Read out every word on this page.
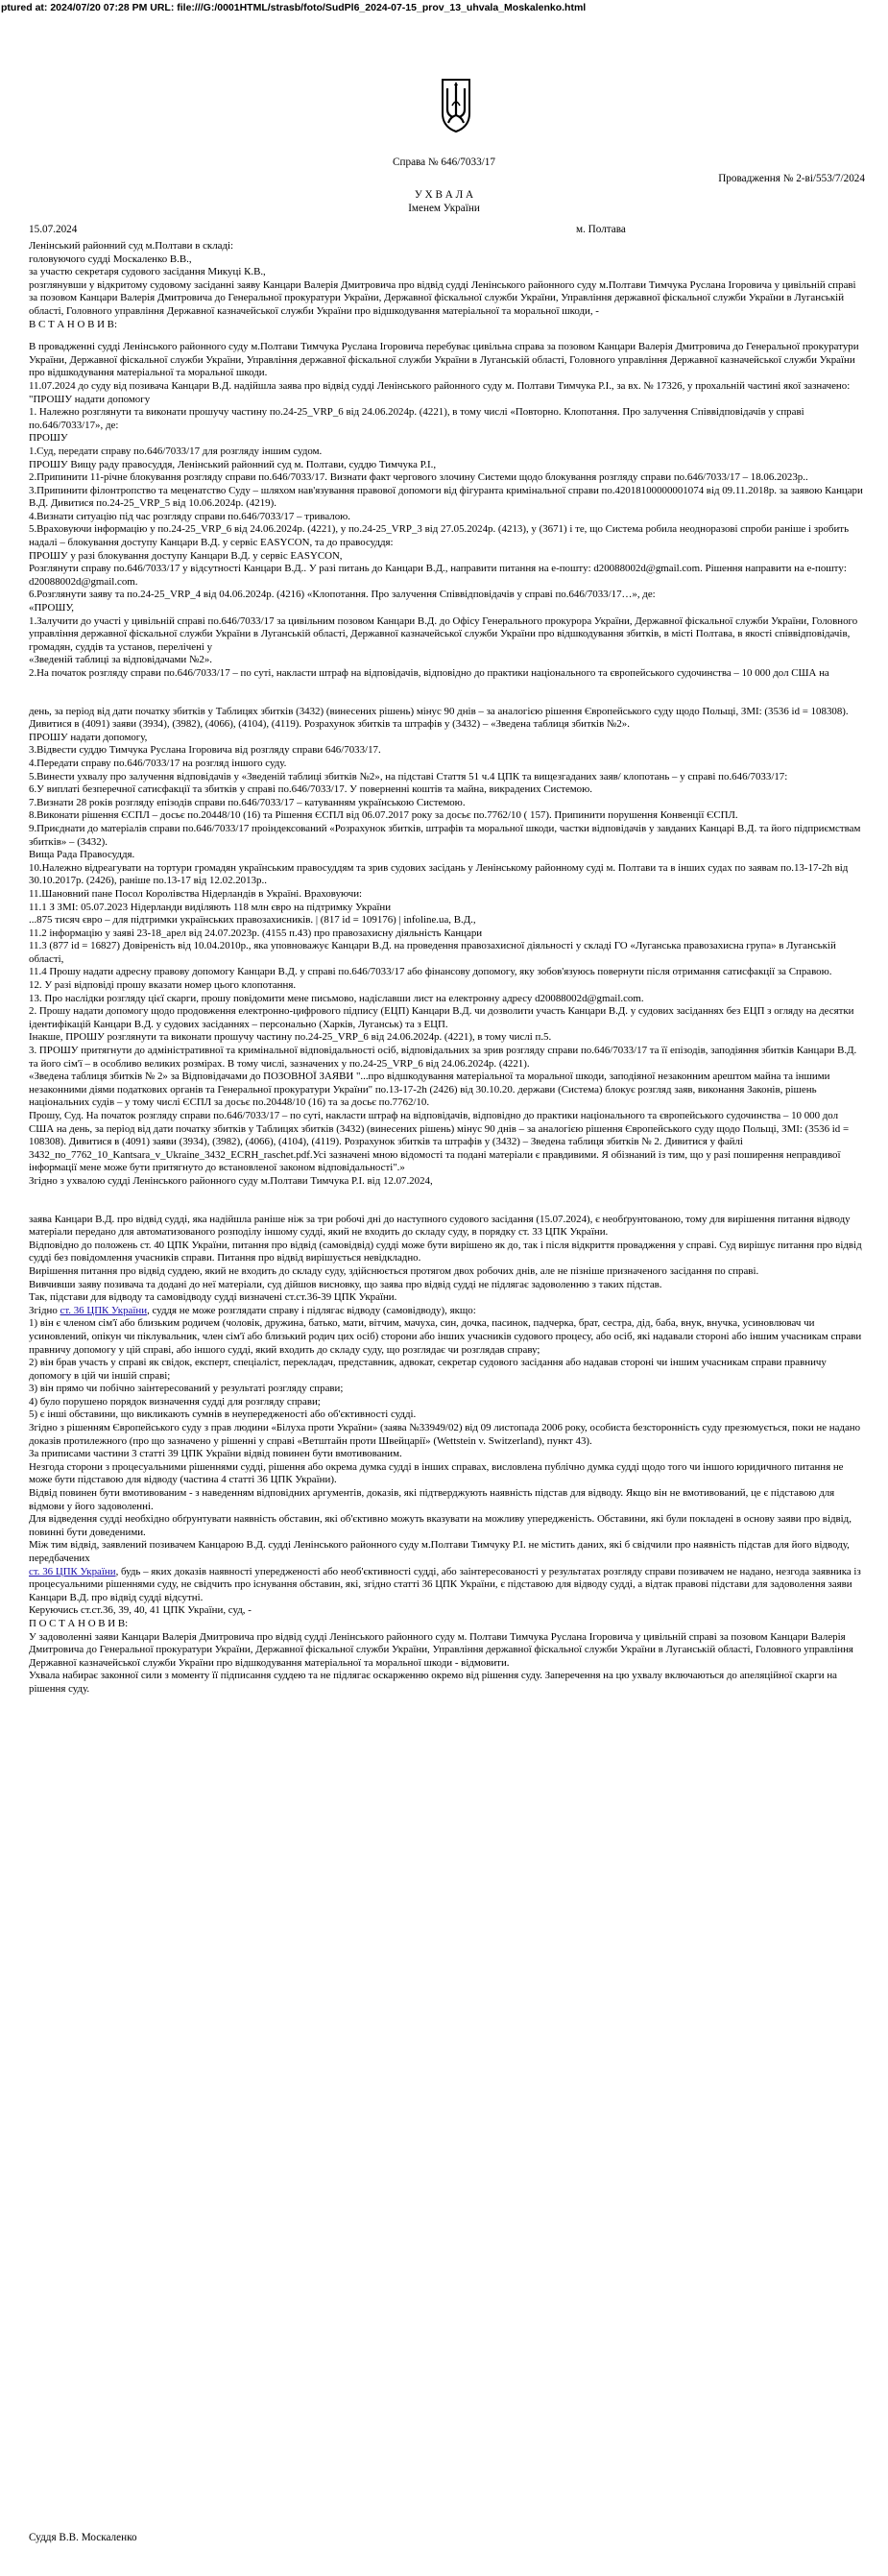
ptured at: 2024/07/20 07:28 PM URL: file:///G:/0001HTML/strasb/foto/SudPl6_2024-07-15_prov_13_uhvala_Moskalenko.html
Справа № 646/7033/17
Провадження № 2-ві/553/7/2024
У Х В А Л А
Іменем України
15.07.2024	м. Полтава

Ленінський районний суд м.Полтави в складі:

головуючого судді Москаленко В.В.,

за участю секретаря судового засідання Микуці К.В.,

розглянувши у відкритому судовому засіданні заяву Канцари Валерія Дмитровича про відвід судді Ленінського районного суду м.Полтави Тимчука Руслана Ігоровича у цивільній справі за позовом Канцари Валерія Дмитровича до Генеральної прокуратури України, Державної фіскальної служби України, Управління державної фіскальної служби України в Луганській області, Головного управління Державної казначейської служби України про відшкодування матеріальної та моральної шкоди, -

В С Т А Н О В И В:

В провадженні судді Ленінського районного суду м.Полтави Тимчука Руслана Ігоровича перебуває цивільна справа за позовом Канцари Валерія Дмитровича до Генеральної прокуратури України, Державної фіскальної служби України, Управління державної фіскальної служби України в Луганській області, Головного управління Державної казначейської служби України про відшкодування матеріальної та моральної шкоди.

11.07.2024 до суду від позивача Канцари В.Д. надійшла заява про відвід судді Ленінського районного суду м. Полтави Тимчука Р.І., за вх. № 17326, у прохальній частині якої зазначено:

"ПРОШУ надати допомогу

1. Належно розглянути та виконати прошучу частину по.24-25_VRP_6 від 24.06.2024р. (4221), в тому числі «Повторно. Клопотання. Про залучення Співвідповідачів у справі по.646/7033/17», де:

ПРОШУ

1.Суд, передати справу по.646/7033/17 для розгляду іншим судом.

ПРОШУ Вищу раду правосуддя, Ленінський районний суд м. Полтави, суддю Тимчука Р.І.,

2.Припинити 11-річне блокування розгляду справи по.646/7033/17. Визнати факт чергового злочину Системи щодо блокування розгляду справи по.646/7033/17 – 18.06.2023р..

3.Припинити філонтропство та меценатство Суду – шляхом нав'язування правової допомоги від фігуранта кримінальної справи по.42018100000001074 від 09.11.2018р. за заявою Канцари В.Д. Дивитися по.24-25_VRP_5 від 10.06.2024р. (4219).

4.Визнати ситуацію під час розгляду справи по.646/7033/17 – тривалою.

5.Враховуючи інформацію у по.24-25_VRP_6 від 24.06.2024р. (4221), у по.24-25_VRP_3 від 27.05.2024р. (4213), у (3671) і те, що Система робила неодноразові спроби раніше і зробить надалі – блокування доступу Канцари В.Д. у сервіс EASYCON, та до правосуддя:

ПРОШУ у разі блокування доступу Канцари В.Д. у сервіс EASYCON,

Розглянути справу по.646/7033/17 у відсутності Канцари В.Д.. У разі питань до Канцари В.Д., направити питання на е-поштy: d20088002d@gmail.com. Рішення направити на е-поштy: d20088002d@gmail.com.

6.Розглянути заяву та по.24-25_VRP_4 від 04.06.2024р. (4216) «Клопотання. Про залучення Співвідповідачів у справі по.646/7033/17…», де:

«ПРОШУ,

1.Залучити до участі у цивільній справі по.646/7033/17 за цивільним позовом Канцари В.Д. до Офісу Генерального прокурора України, Державної фіскальної служби України, Головного управління державної фіскальної служби України в Луганській області, Державної казначейської служби України про відшкодування збитків, в місті Полтава, в якості співвідповідачів, громадян, суддів та установ, перелічені у

«Зведеній таблиці за відповідачами №2».

2.На початок розгляду справи по.646/7033/17 – по суті, накласти штраф на відповідачів, відповідно до практики національного та європейського судочинства – 10 000 дол США на

день, за період від дати початку збитків у Таблицях збитків (3432) (винесених рішень) мінус 90 днів – за аналогією рішення Європейського суду щодо Польщі, ЗМІ: (3536 id = 108308). Дивитися в (4091) заяви (3934), (3982), (4066), (4104), (4119). Розрахунок збитків та штрафів у (3432) – «Зведена таблиця збитків №2».

ПРОШУ надати допомогу,

3.Відвести суддю Тимчука Руслана Ігоровича від розгляду справи 646/7033/17.

4.Передати справу по.646/7033/17 на розгляд іншого суду.

5.Винести ухвалу про залучення відповідачів у «Зведеній таблиці збитків №2», на підставі Стаття 51 ч.4 ЦПК та вищезгаданих заяв/ клопотань – у справі по.646/7033/17:

6.У виплаті безперечної сатисфакції та збитків у справі по.646/7033/17. У поверненні коштів та майна, викрадених Системою.

7.Визнати 28 років розгляду епізодів справи по.646/7033/17 – катуванням українською Системою.

8.Виконати рішення ЄСПЛ – досьє по.20448/10 (16) та Рішення ЄСПЛ від 06.07.2017 року за досьє по.7762/10 ( 157). Припинити порушення Конвенції ЄСПЛ.

9.Приєднати до матеріалів справи по.646/7033/17 проіндексований «Розрахунок збитків, штрафів та моральної шкоди, частки відповідачів у завданих Канцарі В.Д. та його підприємствам збитків» – (3432).

Вища Рада Правосуддя.

10.Належно відреагувати на тортури громадян українським правосуддям та зрив судових засідань у Ленінському районному суді м. Полтави та в інших судах по заявам по.13-17-2h від 30.10.2017р. (2426), раніше по.13-17 від 12.02.2013р..

11.Шановний пане Посол Королівства Нідерландів в Україні. Враховуючи:

11.1 З ЗМІ: 05.07.2023 Нідерланди виділяють 118 млн євро на підтримку України

...875 тисяч євро – для підтримки українських правозахисників. | (817 id = 109176) | infoline.ua, В.Д.,

11.2 інформацію у заяві 23-18_арел від 24.07.2023р. (4155 п.43) про правозахисну діяльність Канцари

11.3 (877 id = 16827) Довіреність від 10.04.2010р., яка уповноважує Канцари В.Д. на проведення правозахисної діяльності у складі ГО «Луганська правозахисна група» в Луганській області,

11.4 Прошу надати адресну правову допомогу Канцари В.Д. у справі по.646/7033/17 або фінансову допомогу, яку зобов'язуюсь повернути після отримання сатисфакції за Справою.

12. У разі відповіді прошу вказати номер цього клопотання.

13. Про наслідки розгляду цієї скарги, прошу повідомити мене письмово, надіславши лист на електронну адресу d20088002d@gmail.com.

2. Прошу надати допомогу щодо продовження електронно-цифрового підпису (ЕЦП) Канцари В.Д. чи дозволити участь Канцари В.Д. у судових засіданнях без ЕЦП з огляду на десятки ідентифікацій Канцари В.Д. у судових засіданнях – персонально (Харків, Луганськ) та з ЕЦП.

Інакше, ПРОШУ розглянути та виконати прошучу частину по.24-25_VRP_6 від 24.06.2024р. (4221), в тому числі п.5.

3. ПРОШУ притягнути до адміністративної та кримінальної відповідальності осіб, відповідальних за зрив розгляду справи по.646/7033/17 та її епізодів, заподіяння збитків Канцари В.Д. та його сім'ї – в особливо великих розмірах. В тому числі, зазначених у по.24-25_VRP_6 від 24.06.2024р. (4221).

«Зведена таблиця збитків № 2» за Відповідачами до ПОЗОВНОЇ ЗАЯВИ "...про відшкодування матеріальної та моральної шкоди, заподіяної незаконним арештом майна та іншими незаконними діями податкових органів та Генеральної прокуратури України" по.13-17-2h (2426) від 30.10.20. держави (Система) блокує розгляд заяв, виконання Законів, рішень національних судів – у тому числі ЄСПЛ за досьє по.20448/10 (16) та за досьє по.7762/10.

Прошу, Суд. На початок розгляду справи по.646/7033/17 – по суті, накласти штраф на відповідачів, відповідно до практики національного та європейського судочинства – 10 000 дол США на день, за період від дати початку збитків у Таблицях збитків (3432) (винесених рішень) мінус 90 днів – за аналогією рішення Європейського суду щодо Польщі, ЗМІ: (3536 id = 108308). Дивитися в (4091) заяви (3934), (3982), (4066), (4104), (4119). Розрахунок збитків та штрафів у (3432) – Зведена таблиця збитків № 2. Дивитися у файлі 3432_по_7762_10_Kantsara_v_Ukraine_3432_ECRH_raschet.pdf.Усі зазначені мною відомості та подані матеріали є правдивими. Я обізнаний із тим, що у разі поширення неправдивої інформації мене може бути притягнуто до встановленої законом відповідальності".»

Згідно з ухвалою судді Ленінського районного суду м.Полтави Тимчука Р.І. від 12.07.2024,

заява Канцари В.Д. про відвід судді, яка надійшла раніше ніж за три робочі дні до наступного судового засідання (15.07.2024), є необґрунтованою, тому для вирішення питання відводу матеріали передано для автоматизованого розподілу іншому судді, який не входить до складу суду, в порядку ст. 33 ЦПК України.

Відповідно до положень ст. 40 ЦПК України, питання про відвід (самовідвід) судді може бути вирішено як до, так і після відкриття провадження у справі. Суд вирішує питання про відвід судді без повідомлення учасників справи. Питання про відвід вирішується невідкладно.

Вирішення питання про відвід суддею, який не входить до складу суду, здійснюється протягом двох робочих днів, але не пізніше призначеного засідання по справі.

Вивчивши заяву позивача та додані до неї матеріали, суд дійшов висновку, що заява про відвід судді не підлягає задоволенню з таких підстав.

Так, підстави для відводу та самовідводу судді визначені ст.ст.36-39 ЦПК України.

Згідно ст. 36 ЦПК України, суддя не може розглядати справу і підлягає відводу (самовідводу), якщо:

1) він є членом сім'ї або близьким родичем (чоловік, дружина, батько, мати, вітчим, мачуха, син, дочка, пасинок, падчерка, брат, сестра, дід, баба, внук, внучка, усиновлювач чи усиновлений, опікун чи піклувальник, член сім'ї або близький родич цих осіб) сторони або інших учасників судового процесу, або осіб, які надавали стороні або іншим учасникам справи правничу допомогу у цій справі, або іншого судді, який входить до складу суду, що розглядає чи розглядав справу;

2) він брав участь у справі як свідок, експерт, спеціаліст, перекладач, представник, адвокат, секретар судового засідання або надавав стороні чи іншим учасникам справи правничу допомогу в цій чи іншій справі;

3) він прямо чи побічно заінтересований у результаті розгляду справи;

4) було порушено порядок визначення судді для розгляду справи;

5) є інші обставини, що викликають сумнів в неупередженості або об'єктивності судді.

Згідно з рішенням Європейського суду з прав людини «Білуха проти України» (заява №33949/02) від 09 листопада 2006 року, особиста безсторонність суду презюмується, поки не надано доказів протилежного (про що зазначено у рішенні у справі «Ветштайн проти Швейцарії» (Wettstein v. Switzerland), пункт 43).

За приписами частини 3 статті 39 ЦПК України відвід повинен бути вмотивованим.

Незгода сторони з процесуальними рішеннями судді, рішення або окрема думка судді в інших справах, висловлена публічно думка судді щодо того чи іншого юридичного питання не може бути підставою для відводу (частина 4 статті 36 ЦПК України).

Відвід повинен бути вмотивованим - з наведенням відповідних аргументів, доказів, які підтверджують наявність підстав для відводу. Якщо він не вмотивований, це є підставою для відмови у його задоволенні.

Для відведення судді необхідно обґрунтувати наявність обставин, які об'єктивно можуть вказувати на можливу упередженість. Обставини, які були покладені в основу заяви про відвід, повинні бути доведеними.

Між тим відвід, заявлений позивачем Канцарою В.Д. судді Ленінського районного суду м.Полтави Тимчуку Р.І. не містить даних, які б свідчили про наявність підстав для його відводу, передбачених

ст. 36 ЦПК України, будь – яких доказів наявності упередженості або необ'єктивності судді, або заінтересованості у результатах розгляду справи позивачем не надано, незгода заявника із процесуальними рішеннями суду, не свідчить про існування обставин, які, згідно статті 36 ЦПК України, є підставою для відводу судді, а відтак правові підстави для задоволення заяви Канцари В.Д. про відвід судді відсутні.

Керуючись ст.ст.36, 39, 40, 41 ЦПК України, суд, -

П О С Т А Н О В И В:

У задоволенні заяви Канцари Валерія Дмитровича про відвід судді Ленінського районного суду м. Полтави Тимчука Руслана Ігоровича у цивільній справі за позовом Канцари Валерія Дмитровича до Генеральної прокуратури України, Державної фіскальної служби України, Управління державної фіскальної служби України в Луганській області, Головного управління Державної казначейської служби України про відшкодування матеріальної та моральної шкоди - відмовити.

Ухвала набирає законної сили з моменту її підписання суддею та не підлягає оскарженню окремо від рішення суду. Заперечення на цю ухвалу включаються до апеляційної скарги на рішення суду.

Суддя В.В. Москаленко
